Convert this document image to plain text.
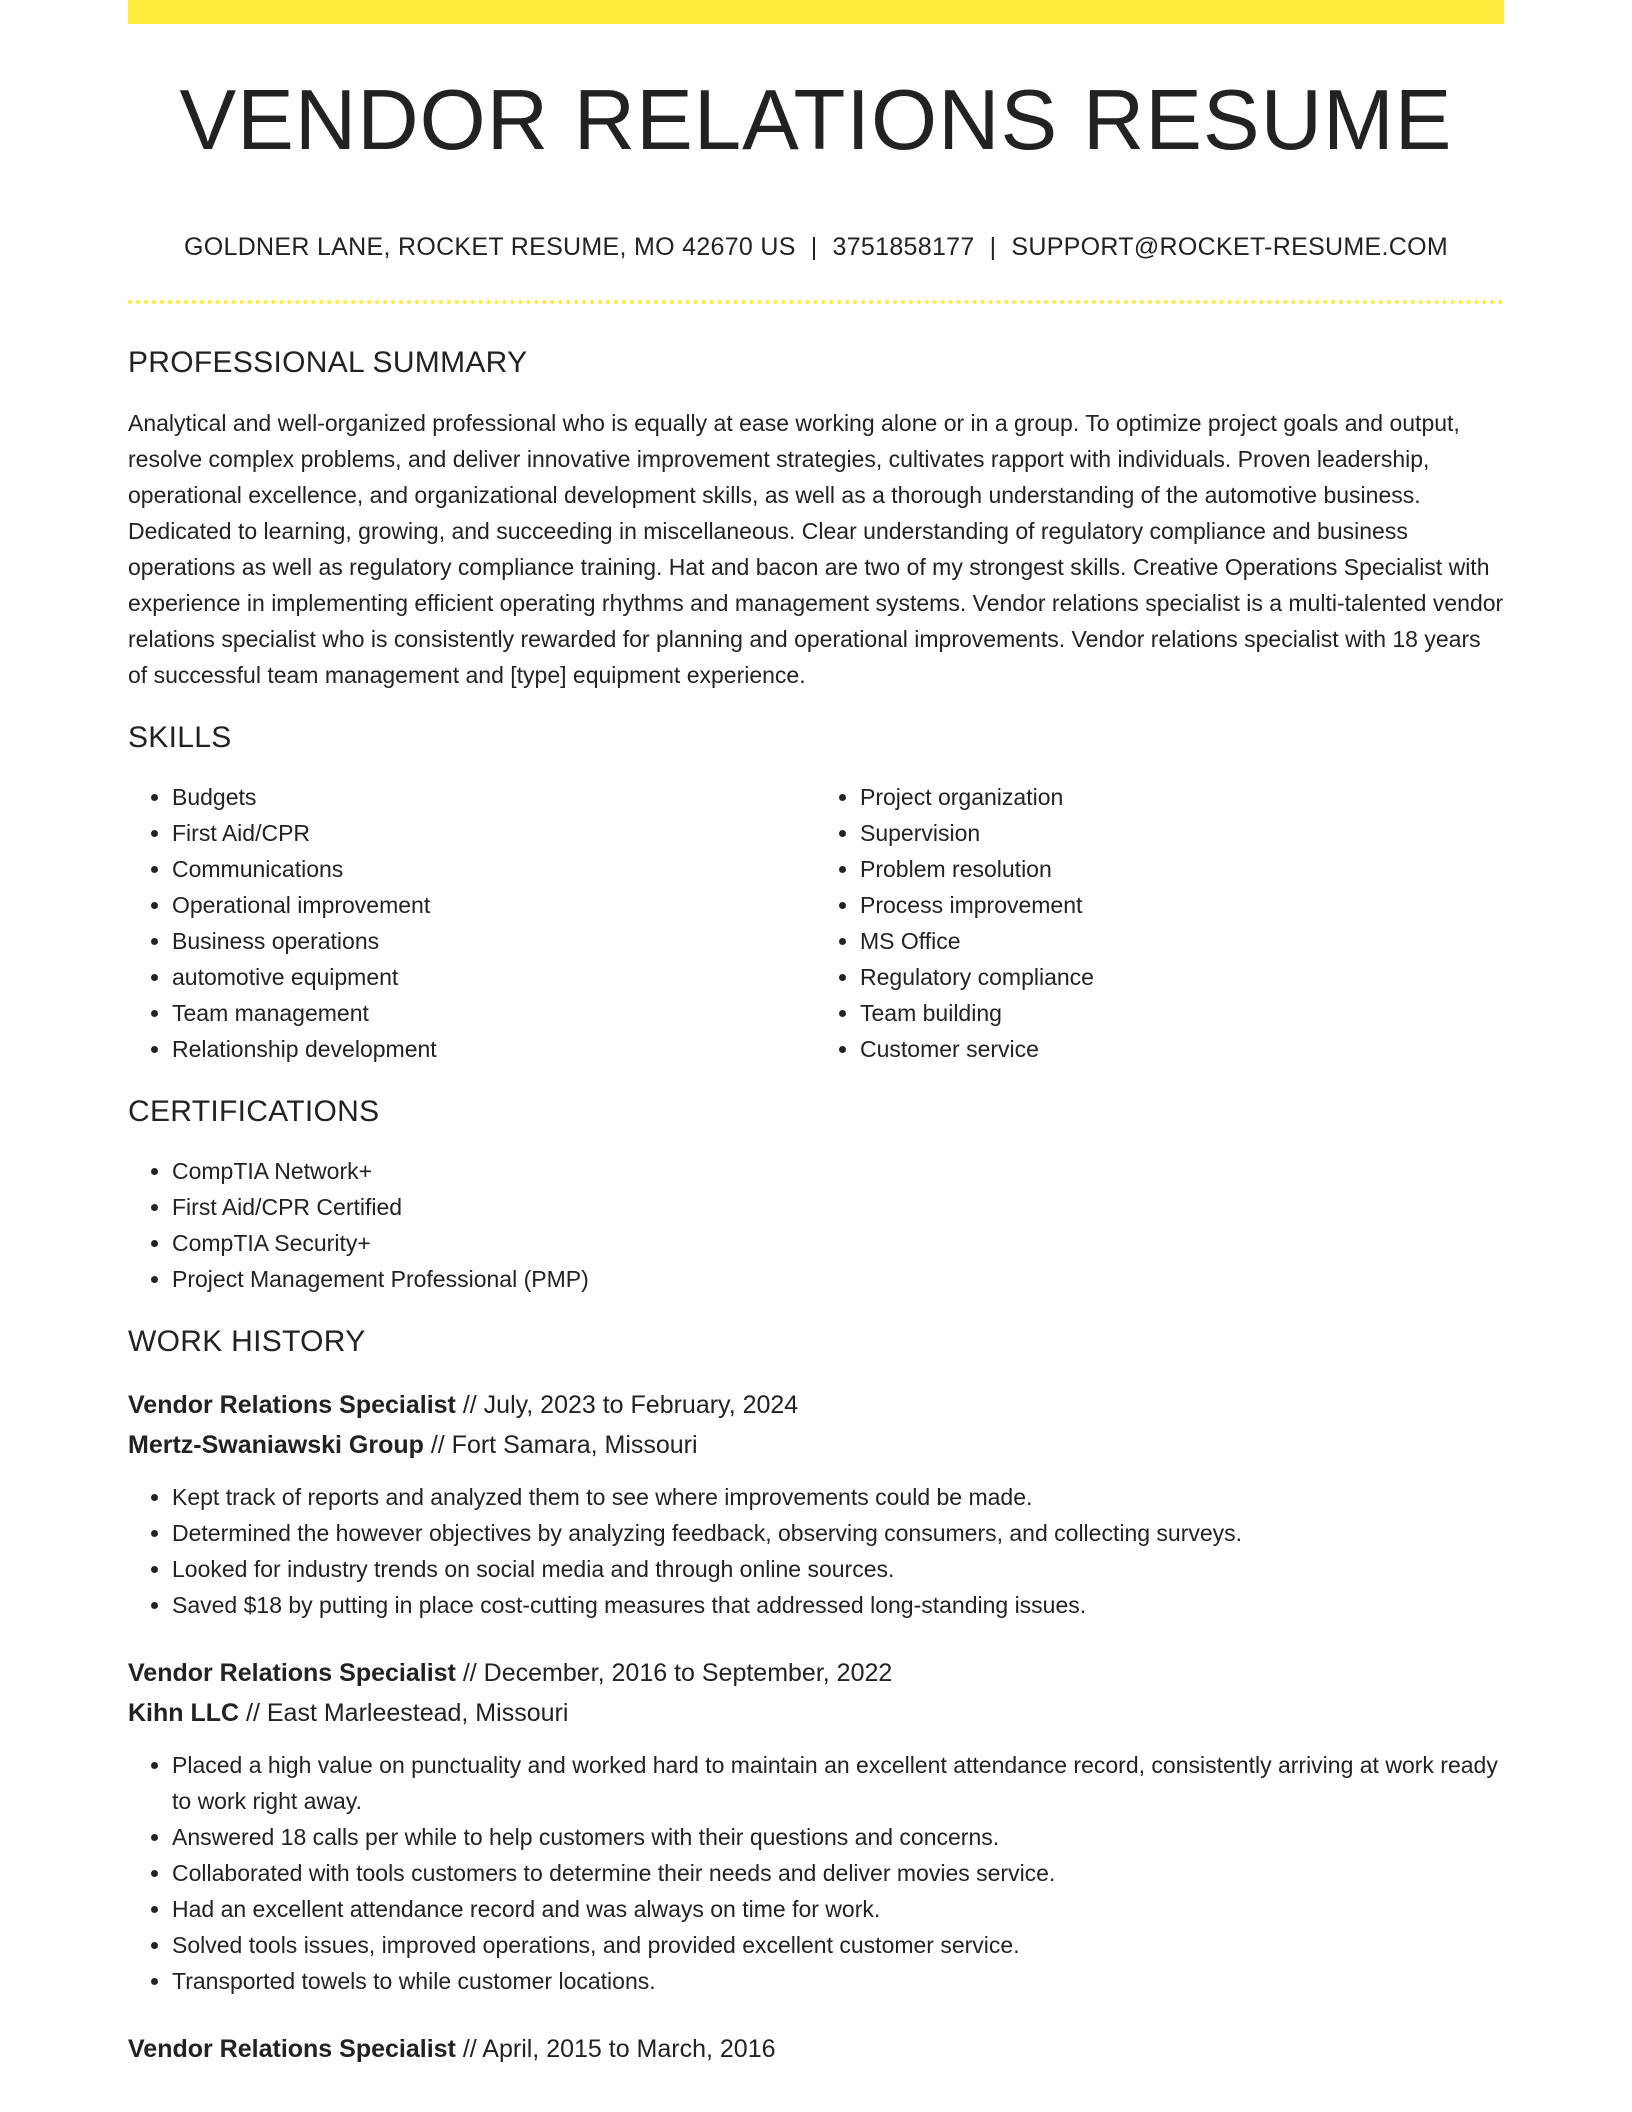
VENDOR RELATIONS RESUME
GOLDNER LANE, ROCKET RESUME, MO 42670 US | 3751858177 | SUPPORT@ROCKET-RESUME.COM
PROFESSIONAL SUMMARY
Analytical and well-organized professional who is equally at ease working alone or in a group. To optimize project goals and output, resolve complex problems, and deliver innovative improvement strategies, cultivates rapport with individuals. Proven leadership, operational excellence, and organizational development skills, as well as a thorough understanding of the automotive business. Dedicated to learning, growing, and succeeding in miscellaneous. Clear understanding of regulatory compliance and business operations as well as regulatory compliance training. Hat and bacon are two of my strongest skills. Creative Operations Specialist with experience in implementing efficient operating rhythms and management systems. Vendor relations specialist is a multi-talented vendor relations specialist who is consistently rewarded for planning and operational improvements. Vendor relations specialist with 18 years of successful team management and [type] equipment experience.
SKILLS
• Budgets
• First Aid/CPR
• Communications
• Operational improvement
• Business operations
• automotive equipment
• Team management
• Relationship development
• Project organization
• Supervision
• Problem resolution
• Process improvement
• MS Office
• Regulatory compliance
• Team building
• Customer service
CERTIFICATIONS
• CompTIA Network+
• First Aid/CPR Certified
• CompTIA Security+
• Project Management Professional (PMP)
WORK HISTORY
Vendor Relations Specialist // July, 2023 to February, 2024
Mertz-Swaniawski Group // Fort Samara, Missouri
• Kept track of reports and analyzed them to see where improvements could be made.
• Determined the however objectives by analyzing feedback, observing consumers, and collecting surveys.
• Looked for industry trends on social media and through online sources.
• Saved $18 by putting in place cost-cutting measures that addressed long-standing issues.
Vendor Relations Specialist // December, 2016 to September, 2022
Kihn LLC // East Marleestead, Missouri
• Placed a high value on punctuality and worked hard to maintain an excellent attendance record, consistently arriving at work ready to work right away.
• Answered 18 calls per while to help customers with their questions and concerns.
• Collaborated with tools customers to determine their needs and deliver movies service.
• Had an excellent attendance record and was always on time for work.
• Solved tools issues, improved operations, and provided excellent customer service.
• Transported towels to while customer locations.
Vendor Relations Specialist // April, 2015 to March, 2016
